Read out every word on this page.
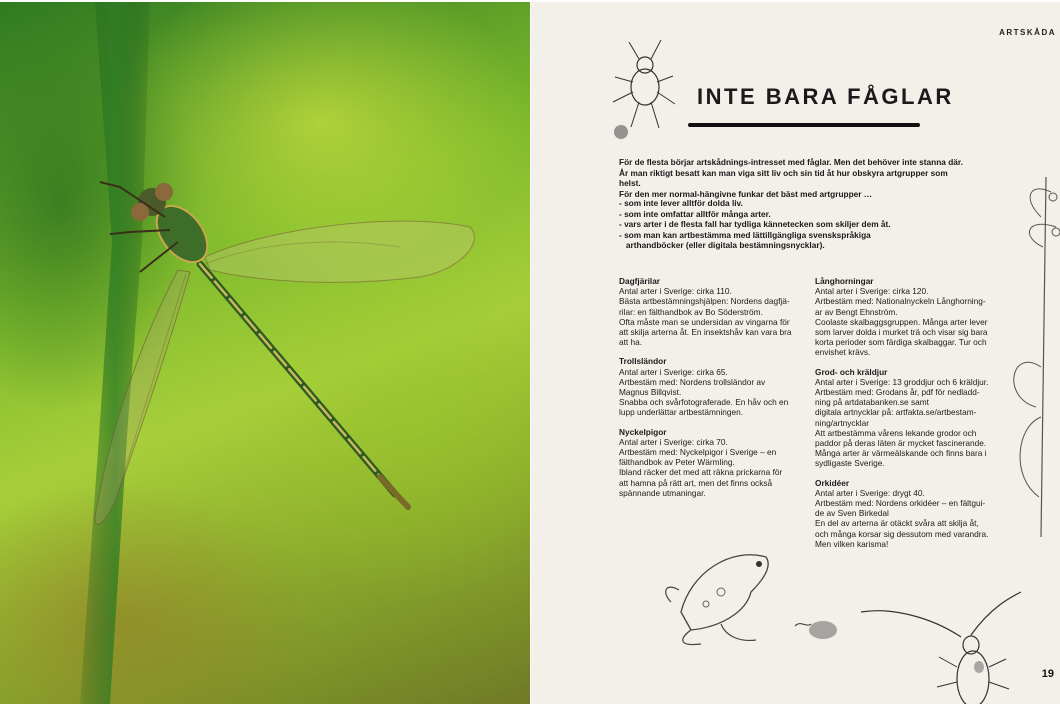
ARTSKÅDA
INTE BARA FÅGLAR

För de flesta börjar artskådnings-intresset med fåglar. Men det behöver inte stanna där.
År man riktigt besatt kan man viga sitt liv och sin tid åt hur obskyra artgrupper som helst.
För den mer normal-hängivne funkar det bäst med artgrupper …

- som inte lever alltför dolda liv.
- som inte omfattar alltför många arter.
- vars arter i de flesta fall har tydliga kännetecken som skiljer dem åt.
- som man kan artbestämma med lättillgängliga svenskspråkiga
arthandböcker (eller digitala bestämningsnycklar).
Dagfjärilar

Antal arter i Sverige: cirka 110.
Bästa artbestämningshjälpen: Nordens dagfjä-
rilar: en fälthandbok av Bo Söderström.
Ofta måste man se undersidan av vingarna för
att skilja arterna åt. En insektshåv kan vara bra
att ha.

Trollsländor

Antal arter i Sverige: cirka 65.
Artbestäm med: Nordens trollsländor av
Magnus Billqvist.
Snabba och svårfotograferade. En håv och en
lupp underlättar artbestämningen.

Nyckelpigor

Antal arter i Sverige: cirka 70.
Artbestäm med: Nyckelpigor i Sverige – en
fälthandbok av Peter Wärmling.
Ibland räcker det med att räkna prickarna för
att hamna på rätt art, men det finns också
spännande utmaningar.

Långhorningar

Antal arter i Sverige: cirka 120.
Artbestäm med: Nationalnyckeln Långhorning-
ar av Bengt Ehnström.
Coolaste skalbaggsgruppen. Många arter lever
som larver dolda i murket trä och visar sig bara
korta perioder som färdiga skalbaggar. Tur och
envishet krävs.

Grod- och kräldjur

Antal arter i Sverige: 13 groddjur och 6 kräldjur.
Artbestäm med: Grodans år, pdf för nedladd-
ning på artdatabanken.se samt
digitala artnycklar på: artfakta.se/artbestam-
ning/artnycklar
Att artbestämma vårens lekande grodor och
paddor på deras läten är mycket fascinerande.
Många arter är värmeälskande och finns bara i
sydligaste Sverige.

Orkidéer

Antal arter i Sverige: drygt 40.
Artbestäm med: Nordens orkidéer – en fältgui-
de av Sven Birkedal
En del av arterna är otäckt svåra att skilja åt,
och många korsar sig dessutom med varandra.
Men vilken karisma!

19
